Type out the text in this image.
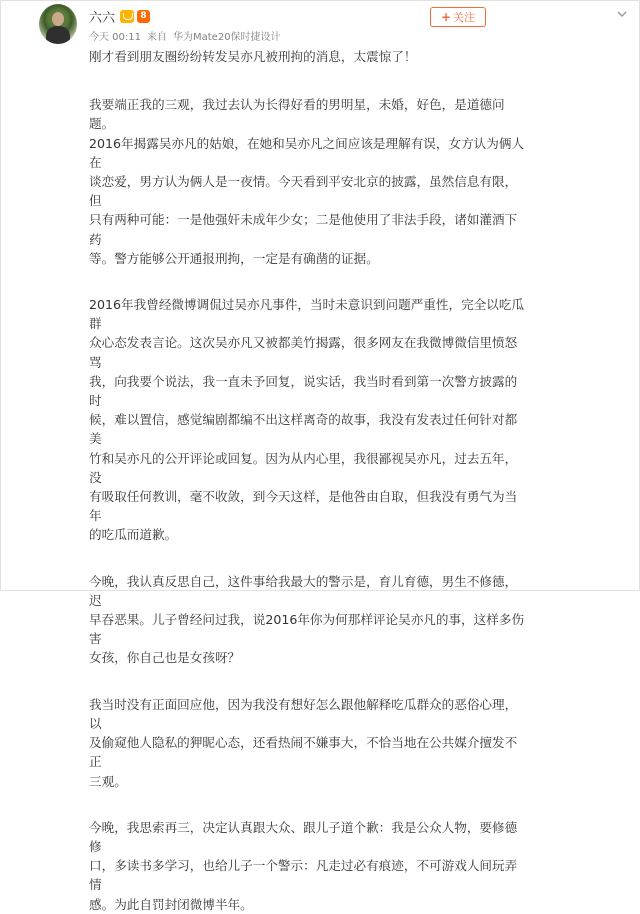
六六	8
今天 00:11 来自 华为Mate20保时捷设计
+ 关注

刚才看到朋友圈纷纷转发吴亦凡被刑拘的消息，太震惊了！

我要端正我的三观，我过去认为长得好看的男明星，未婚，好色，是道德问题。

2016年揭露吴亦凡的姑娘，在她和吴亦凡之间应该是理解有误，女方认为俩人在

谈恋爱，男方认为俩人是一夜情。今天看到平安北京的披露，虽然信息有限，但

只有两种可能：一是他强奸未成年少女；二是他使用了非法手段，诸如灌酒下药

等。警方能够公开通报刑拘，一定是有确凿的证据。

2016年我曾经微博调侃过吴亦凡事件，当时未意识到问题严重性，完全以吃瓜群

众心态发表言论。这次吴亦凡又被都美竹揭露，很多网友在我微博微信里愤怒骂

我，向我要个说法，我一直未予回复，说实话，我当时看到第一次警方披露的时

候，难以置信，感觉编剧都编不出这样离奇的故事，我没有发表过任何针对都美

竹和吴亦凡的公开评论或回复。因为从内心里，我很鄙视吴亦凡，过去五年，没

有吸取任何教训，毫不收敛，到今天这样，是他咎由自取，但我没有勇气为当年

的吃瓜而道歉。

今晚，我认真反思自己，这件事给我最大的警示是，育儿育德，男生不修德，迟

早吞恶果。儿子曾经问过我，说2016年你为何那样评论吴亦凡的事，这样多伤害

女孩，你自己也是女孩呀？

我当时没有正面回应他，因为我没有想好怎么跟他解释吃瓜群众的恶俗心理，以

及偷窥他人隐私的狎昵心态，还看热闹不嫌事大，不恰当地在公共媒介擅发不正

三观。

今晚，我思索再三，决定认真跟大众、跟儿子道个歉：我是公众人物，要修德修

口，多读书多学习，也给儿子一个警示：凡走过必有痕迹，不可游戏人间玩弄情

感。为此自罚封闭微博半年。
